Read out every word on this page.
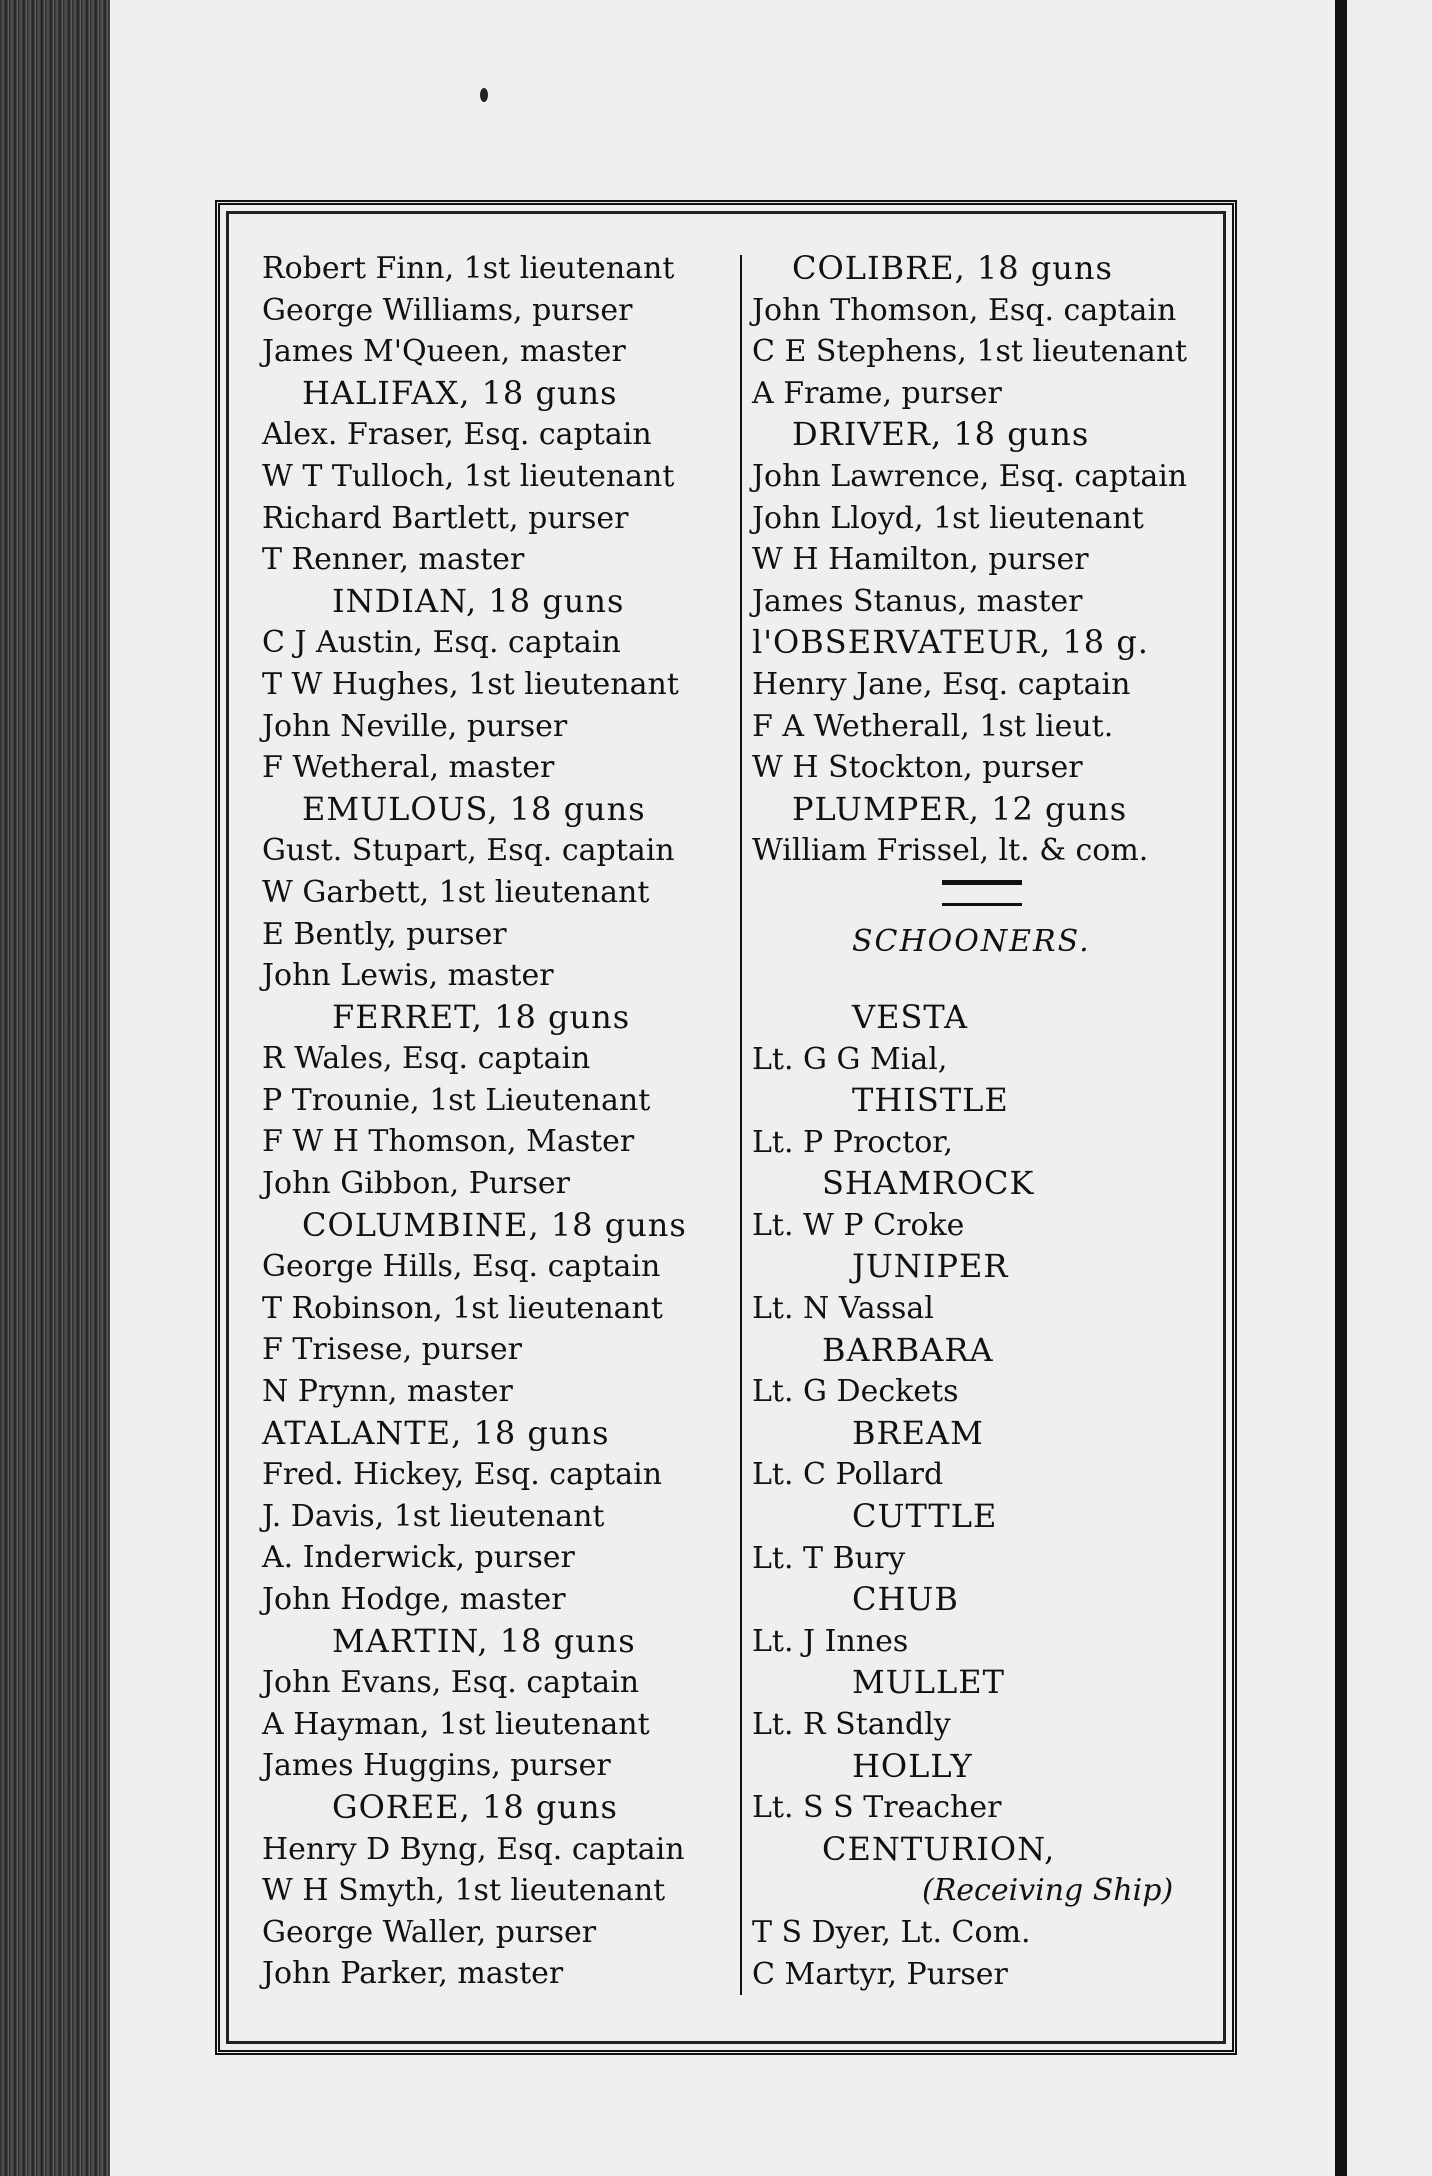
Robert Finn, 1st lieutenant
George Williams, purser
James M'Queen, master
HALIFAX, 18 guns
Alex. Fraser, Esq. captain
W T Tulloch, 1st lieutenant
Richard Bartlett, purser
T Renner, master
INDIAN, 18 guns
C J Austin, Esq. captain
T W Hughes, 1st lieutenant
John Neville, purser
F Wetheral, master
EMULOUS, 18 guns
Gust. Stupart, Esq. captain
W Garbett, 1st lieutenant
E Bently, purser
John Lewis, master
FERRET, 18 guns
R Wales, Esq. captain
P Trounie, 1st Lieutenant
F W H Thomson, Master
John Gibbon, Purser
COLUMBINE, 18 guns
George Hills, Esq. captain
T Robinson, 1st lieutenant
F Trisese, purser
N Prynn, master
ATALANTE, 18 guns
Fred. Hickey, Esq. captain
J. Davis, 1st lieutenant
A. Inderwick, purser
John Hodge, master
MARTIN, 18 guns
John Evans, Esq. captain
A Hayman, 1st lieutenant
James Huggins, purser
GOREE, 18 guns
Henry D Byng, Esq. captain
W H Smyth, 1st lieutenant
George Waller, purser
John Parker, master
COLIBRE, 18 guns
John Thomson, Esq. captain
C E Stephens, 1st lieutenant
A Frame, purser
DRIVER, 18 guns
John Lawrence, Esq. captain
John Lloyd, 1st lieutenant
W H Hamilton, purser
James Stanus, master
l'OBSERVATEUR, 18 g.
Henry Jane, Esq. captain
F A Wetherall, 1st lieut.
W H Stockton, purser
PLUMPER, 12 guns
William Frissel, lt. & com.
SCHOONERS.
VESTA
Lt. G G Mial,
THISTLE
Lt. P Proctor,
SHAMROCK
Lt. W P Croke
JUNIPER
Lt. N Vassal
BARBARA
Lt. G Deckets
BREAM
Lt. C Pollard
CUTTLE
Lt. T Bury
CHUB
Lt. J Innes
MULLET
Lt. R Standly
HOLLY
Lt. S S Treacher
CENTURION,
(Receiving Ship)
T S Dyer, Lt. Com.
C Martyr, Purser
